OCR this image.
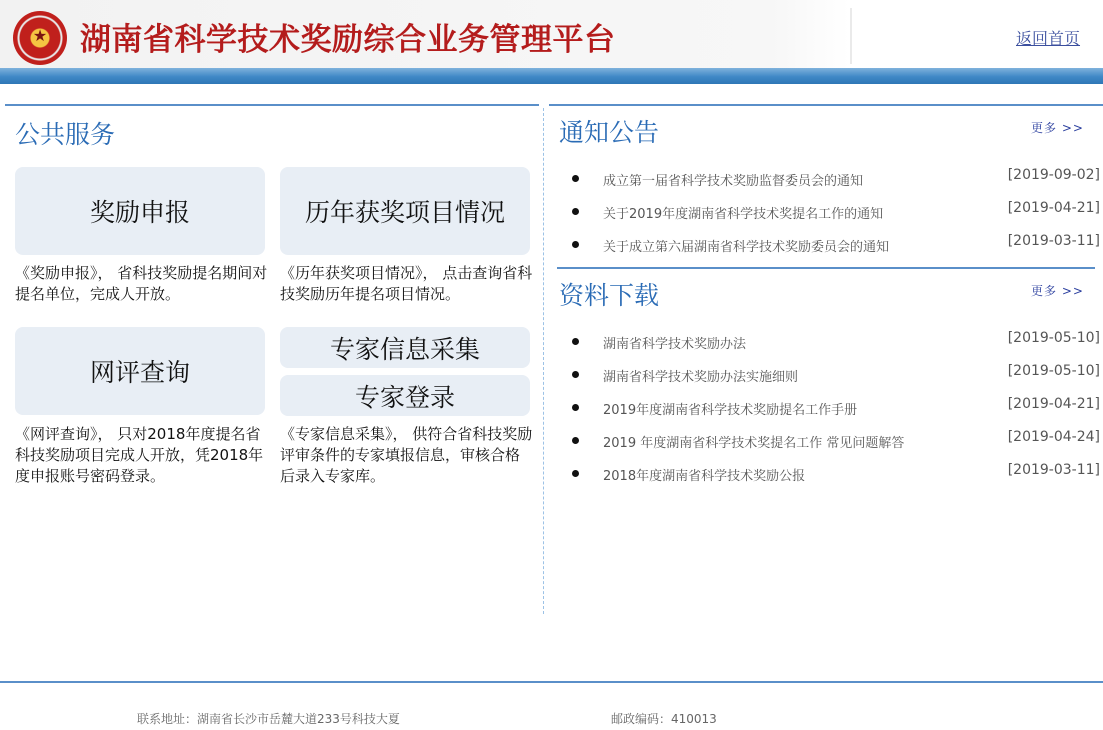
★	湖南省科学技术奖励综合业务管理平台	返回首页
公共服务
奖励申报	历年获奖项目情况
《奖励申报》， 省科技奖励提名期间对提名单位，完成人开放。
《历年获奖项目情况》， 点击查询省科技奖励历年提名项目情况。
网评查询
专家信息采集
专家登录
《网评查询》， 只对2018年度提名省科技奖励项目完成人开放，凭2018年度申报账号密码登录。
《专家信息采集》， 供符合省科技奖励评审条件的专家填报信息，审核合格后录入专家库。
通知公告	更多 >>
成立第一届省科学技术奖励监督委员会的通知	[2019-09-02]
关于2019年度湖南省科学技术奖提名工作的通知	[2019-04-21]
关于成立第六届湖南省科学技术奖励委员会的通知	[2019-03-11]
资料下载	更多 >>
湖南省科学技术奖励办法	[2019-05-10]
湖南省科学技术奖励办法实施细则	[2019-05-10]
2019年度湖南省科学技术奖励提名工作手册	[2019-04-21]
2019 年度湖南省科学技术奖提名工作 常见问题解答	[2019-04-24]
2018年度湖南省科学技术奖励公报	[2019-03-11]
联系地址：湖南省长沙市岳麓大道233号科技大夏	邮政编码：410013
